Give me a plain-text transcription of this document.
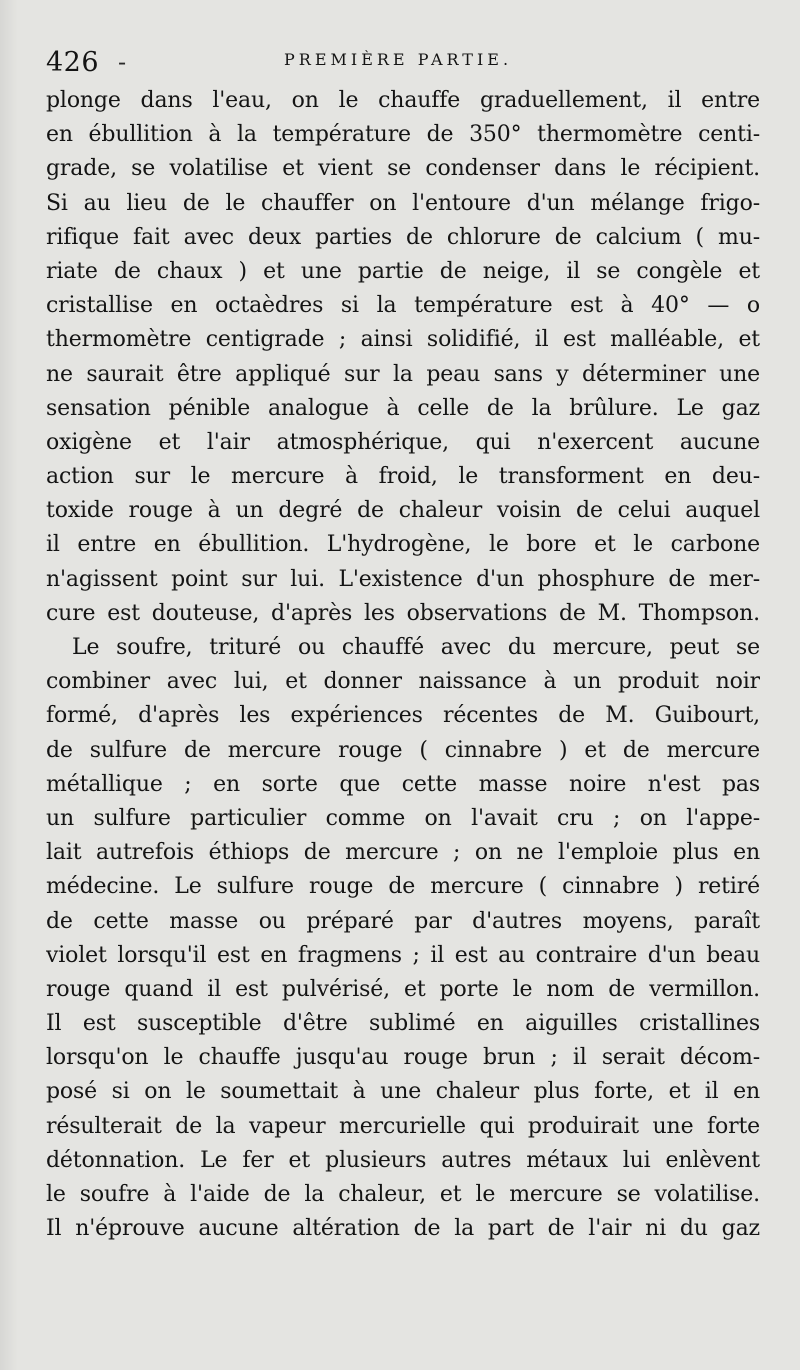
426 -	PREMIÈRE PARTIE.
plonge dans l'eau, on le chauffe graduellement, il entre
en ébullition à la température de 350° thermomètre centi-
grade, se volatilise et vient se condenser dans le récipient.
Si au lieu de le chauffer on l'entoure d'un mélange frigo-
rifique fait avec deux parties de chlorure de calcium ( mu-
riate de chaux ) et une partie de neige, il se congèle et
cristallise en octaèdres si la température est à 40° — o
thermomètre centigrade ; ainsi solidifié, il est malléable, et
ne saurait être appliqué sur la peau sans y déterminer une
sensation pénible analogue à celle de la brûlure. Le gaz
oxigène et l'air atmosphérique, qui n'exercent aucune
action sur le mercure à froid, le transforment en deu-
toxide rouge à un degré de chaleur voisin de celui auquel
il entre en ébullition. L'hydrogène, le bore et le carbone
n'agissent point sur lui. L'existence d'un phosphure de mer-
cure est douteuse, d'après les observations de M. Thompson.
Le soufre, trituré ou chauffé avec du mercure, peut se
combiner avec lui, et donner naissance à un produit noir
formé, d'après les expériences récentes de M. Guibourt,
de sulfure de mercure rouge ( cinnabre ) et de mercure
métallique ; en sorte que cette masse noire n'est pas
un sulfure particulier comme on l'avait cru ; on l'appe-
lait autrefois éthiops de mercure ; on ne l'emploie plus en
médecine. Le sulfure rouge de mercure ( cinnabre ) retiré
de cette masse ou préparé par d'autres moyens, paraît
violet lorsqu'il est en fragmens ; il est au contraire d'un beau
rouge quand il est pulvérisé, et porte le nom de vermillon.
Il est susceptible d'être sublimé en aiguilles cristallines
lorsqu'on le chauffe jusqu'au rouge brun ; il serait décom-
posé si on le soumettait à une chaleur plus forte, et il en
résulterait de la vapeur mercurielle qui produirait une forte
détonnation. Le fer et plusieurs autres métaux lui enlèvent
le soufre à l'aide de la chaleur, et le mercure se volatilise.
Il n'éprouve aucune altération de la part de l'air ni du gaz
